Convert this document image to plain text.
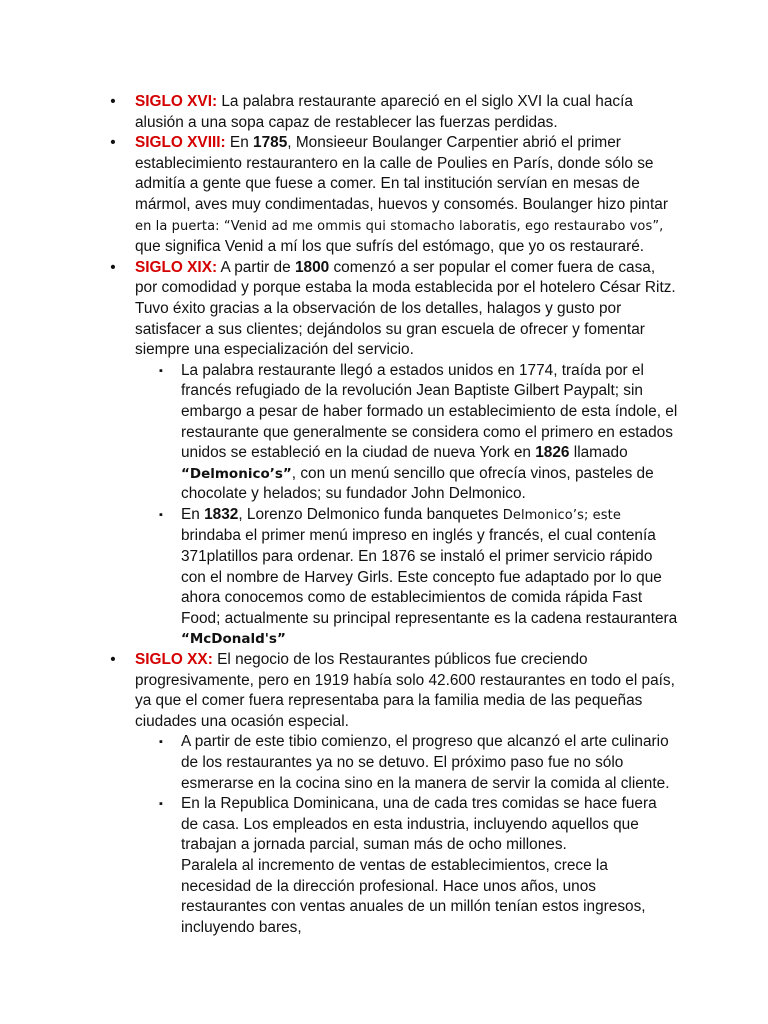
• SIGLO XVI: La palabra restaurante apareció en el siglo XVI la cual hacía alusión a una sopa capaz de restablecer las fuerzas perdidas.
• SIGLO XVIII: En 1785, Monsieeur Boulanger Carpentier abrió el primer establecimiento restaurantero en la calle de Poulies en París, donde sólo se admitía a gente que fuese a comer. En tal institución servían en mesas de mármol, aves muy condimentadas, huevos y consomés. Boulanger hizo pintar en la puerta: “Venid ad me ommis qui stomacho laboratis, ego restaurabo vos”, que significa Venid a mí los que sufrís del estómago, que yo os restauraré.
• SIGLO XIX: A partir de 1800 comenzó a ser popular el comer fuera de casa, por comodidad y porque estaba la moda establecida por el hotelero César Ritz. Tuvo éxito gracias a la observación de los detalles, halagos y gusto por satisfacer a sus clientes; dejándolos su gran escuela de ofrecer y fomentar siempre una especialización del servicio.
▪ La palabra restaurante llegó a estados unidos en 1774, traída por el francés refugiado de la revolución Jean Baptiste Gilbert Paypalt; sin embargo a pesar de haber formado un establecimiento de esta índole, el restaurante que generalmente se considera como el primero en estados unidos se estableció en la ciudad de nueva York en 1826 llamado “Delmonico’s”, con un menú sencillo que ofrecía vinos, pasteles de chocolate y helados; su fundador John Delmonico.
▪ En 1832, Lorenzo Delmonico funda banquetes Delmonico’s; este brindaba el primer menú impreso en inglés y francés, el cual contenía 371platillos para ordenar. En 1876 se instaló el primer servicio rápido con el nombre de Harvey Girls. Este concepto fue adaptado por lo que ahora conocemos como de establecimientos de comida rápida Fast Food; actualmente su principal representante es la cadena restaurantera “McDonald's”
• SIGLO XX: El negocio de los Restaurantes públicos fue creciendo progresivamente, pero en 1919 había solo 42.600 restaurantes en todo el país, ya que el comer fuera representaba para la familia media de las pequeñas ciudades una ocasión especial.
▪ A partir de este tibio comienzo, el progreso que alcanzó el arte culinario de los restaurantes ya no se detuvo. El próximo paso fue no sólo esmerarse en la cocina sino en la manera de servir la comida al cliente.
▪ En la Republica Dominicana, una de cada tres comidas se hace fuera de casa. Los empleados en esta industria, incluyendo aquellos que trabajan a jornada parcial, suman más de ocho millones.
Paralela al incremento de ventas de establecimientos, crece la necesidad de la dirección profesional. Hace unos años, unos restaurantes con ventas anuales de un millón tenían estos ingresos, incluyendo bares,
